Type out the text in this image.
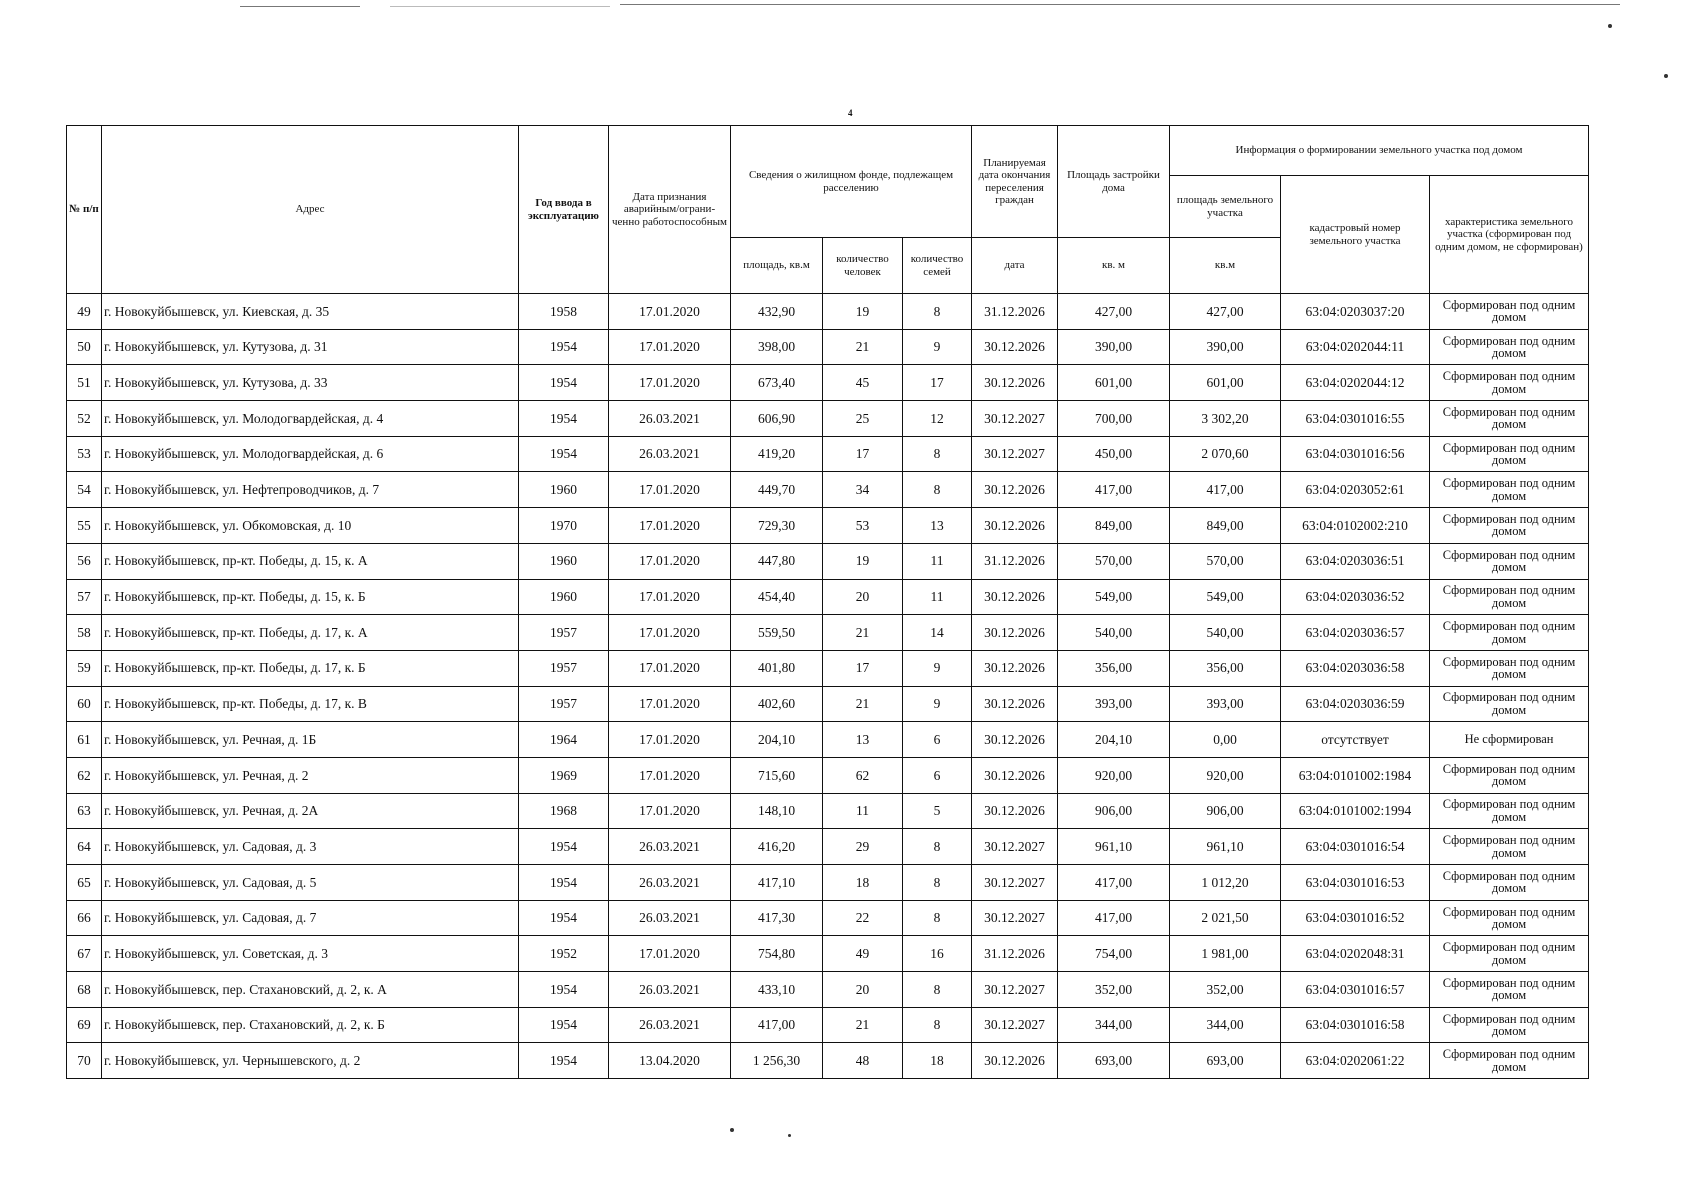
4
№ п/п	Адрес	Год ввода в эксплуатацию	Дата признания аварийным/ограни-ченно работоспособным	Сведения о жилищном фонде, подлежащем расселению			Планируемая дата окончания переселения граждан	Площадь застройки дома	Информация о формировании земельного участка под домом		
									площадь земельного участка	кадастровый номер земельного участка	характеристика земельного участка (сформирован под одним домом, не сформирован)
				площадь, кв.м	количество человек	количество семей	дата	кв. м	кв.м		
49	г. Новокуйбышевск, ул. Киевская, д. 35	1958	17.01.2020	432,90	19	8	31.12.2026	427,00	427,00	63:04:0203037:20	Сформирован под одним домом
50	г. Новокуйбышевск, ул. Кутузова, д. 31	1954	17.01.2020	398,00	21	9	30.12.2026	390,00	390,00	63:04:0202044:11	Сформирован под одним домом
51	г. Новокуйбышевск, ул. Кутузова, д. 33	1954	17.01.2020	673,40	45	17	30.12.2026	601,00	601,00	63:04:0202044:12	Сформирован под одним домом
52	г. Новокуйбышевск, ул. Молодогвардейская, д. 4	1954	26.03.2021	606,90	25	12	30.12.2027	700,00	3 302,20	63:04:0301016:55	Сформирован под одним домом
53	г. Новокуйбышевск, ул. Молодогвардейская, д. 6	1954	26.03.2021	419,20	17	8	30.12.2027	450,00	2 070,60	63:04:0301016:56	Сформирован под одним домом
54	г. Новокуйбышевск, ул. Нефтепроводчиков, д. 7	1960	17.01.2020	449,70	34	8	30.12.2026	417,00	417,00	63:04:0203052:61	Сформирован под одним домом
55	г. Новокуйбышевск, ул. Обкомовская, д. 10	1970	17.01.2020	729,30	53	13	30.12.2026	849,00	849,00	63:04:0102002:210	Сформирован под одним домом
56	г. Новокуйбышевск, пр-кт. Победы, д. 15, к. А	1960	17.01.2020	447,80	19	11	31.12.2026	570,00	570,00	63:04:0203036:51	Сформирован под одним домом
57	г. Новокуйбышевск, пр-кт. Победы, д. 15, к. Б	1960	17.01.2020	454,40	20	11	30.12.2026	549,00	549,00	63:04:0203036:52	Сформирован под одним домом
58	г. Новокуйбышевск, пр-кт. Победы, д. 17, к. А	1957	17.01.2020	559,50	21	14	30.12.2026	540,00	540,00	63:04:0203036:57	Сформирован под одним домом
59	г. Новокуйбышевск, пр-кт. Победы, д. 17, к. Б	1957	17.01.2020	401,80	17	9	30.12.2026	356,00	356,00	63:04:0203036:58	Сформирован под одним домом
60	г. Новокуйбышевск, пр-кт. Победы, д. 17, к. В	1957	17.01.2020	402,60	21	9	30.12.2026	393,00	393,00	63:04:0203036:59	Сформирован под одним домом
61	г. Новокуйбышевск, ул. Речная, д. 1Б	1964	17.01.2020	204,10	13	6	30.12.2026	204,10	0,00	отсутствует	Не сформирован
62	г. Новокуйбышевск, ул. Речная, д. 2	1969	17.01.2020	715,60	62	6	30.12.2026	920,00	920,00	63:04:0101002:1984	Сформирован под одним домом
63	г. Новокуйбышевск, ул. Речная, д. 2А	1968	17.01.2020	148,10	11	5	30.12.2026	906,00	906,00	63:04:0101002:1994	Сформирован под одним домом
64	г. Новокуйбышевск, ул. Садовая, д. 3	1954	26.03.2021	416,20	29	8	30.12.2027	961,10	961,10	63:04:0301016:54	Сформирован под одним домом
65	г. Новокуйбышевск, ул. Садовая, д. 5	1954	26.03.2021	417,10	18	8	30.12.2027	417,00	1 012,20	63:04:0301016:53	Сформирован под одним домом
66	г. Новокуйбышевск, ул. Садовая, д. 7	1954	26.03.2021	417,30	22	8	30.12.2027	417,00	2 021,50	63:04:0301016:52	Сформирован под одним домом
67	г. Новокуйбышевск, ул. Советская, д. 3	1952	17.01.2020	754,80	49	16	31.12.2026	754,00	1 981,00	63:04:0202048:31	Сформирован под одним домом
68	г. Новокуйбышевск, пер. Стахановский, д. 2, к. А	1954	26.03.2021	433,10	20	8	30.12.2027	352,00	352,00	63:04:0301016:57	Сформирован под одним домом
69	г. Новокуйбышевск, пер. Стахановский, д. 2, к. Б	1954	26.03.2021	417,00	21	8	30.12.2027	344,00	344,00	63:04:0301016:58	Сформирован под одним домом
70	г. Новокуйбышевск, ул. Чернышевского, д. 2	1954	13.04.2020	1 256,30	48	18	30.12.2026	693,00	693,00	63:04:0202061:22	Сформирован под одним домом
